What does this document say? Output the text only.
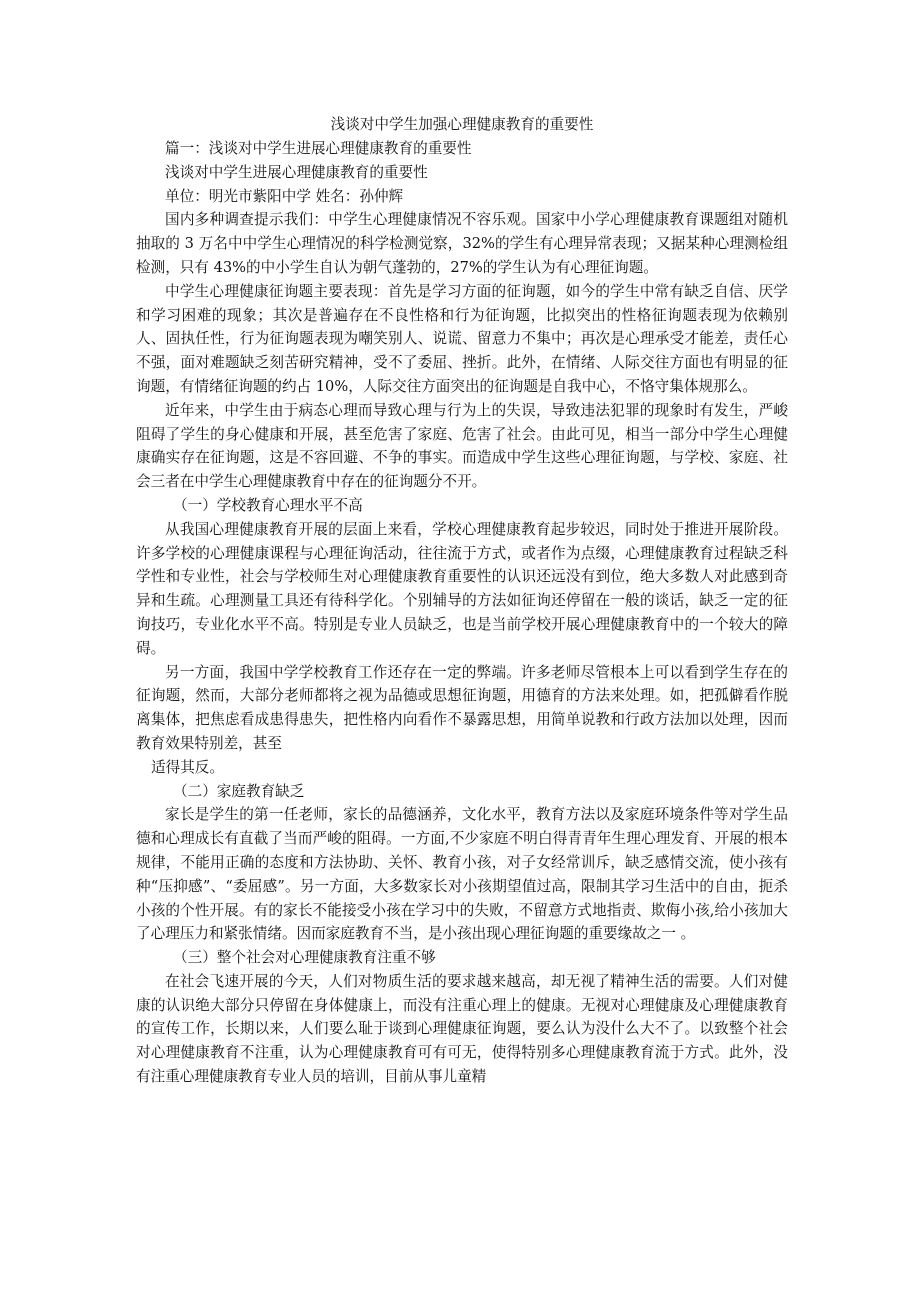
浅谈对中学生加强心理健康教育的重要性

篇一：浅谈对中学生进展心理健康教育的重要性

浅谈对中学生进展心理健康教育的重要性

单位：明光市紫阳中学 姓名：孙仲辉

国内多种调查提示我们：中学生心理健康情况不容乐观。国家中小学心理健康教育课题组对随机抽取的 3 万名中中学生心理情况的科学检测觉察，32%的学生有心理异常表现；又据某种心理测检组检测，只有 43%的中小学生自认为朝气蓬勃的，27%的学生认为有心理征询题。

中学生心理健康征询题主要表现：首先是学习方面的征询题，如今的学生中常有缺乏自信、厌学和学习困难的现象；其次是普遍存在不良性格和行为征询题，比拟突出的性格征询题表现为依赖别人、固执任性，行为征询题表现为嘲笑别人、说谎、留意力不集中；再次是心理承受才能差，责任心不强，面对难题缺乏刻苦研究精神，受不了委屈、挫折。此外，在情绪、人际交往方面也有明显的征询题，有情绪征询题的约占 10%，人际交往方面突出的征询题是自我中心，不恪守集体规那么。

近年来，中学生由于病态心理而导致心理与行为上的失误，导致违法犯罪的现象时有发生，严峻阻碍了学生的身心健康和开展，甚至危害了家庭、危害了社会。由此可见，相当一部分中学生心理健康确实存在征询题，这是不容回避、不争的事实。而造成中学生这些心理征询题，与学校、家庭、社会三者在中学生心理健康教育中存在的征询题分不开。

（一）学校教育心理水平不高

从我国心理健康教育开展的层面上来看，学校心理健康教育起步较迟，同时处于推进开展阶段。许多学校的心理健康课程与心理征询活动，往往流于方式，或者作为点缀，心理健康教育过程缺乏科学性和专业性，社会与学校师生对心理健康教育重要性的认识还远没有到位，绝大多数人对此感到奇异和生疏。心理测量工具还有待科学化。个别辅导的方法如征询还停留在一般的谈话，缺乏一定的征询技巧，专业化水平不高。特别是专业人员缺乏，也是当前学校开展心理健康教育中的一个较大的障碍。

另一方面，我国中学学校教育工作还存在一定的弊端。许多老师尽管根本上可以看到学生存在的征询题，然而，大部分老师都将之视为品德或思想征询题，用德育的方法来处理。如，把孤僻看作脱离集体，把焦虑看成患得患失，把性格内向看作不暴露思想，用简单说教和行政方法加以处理，因而教育效果特别差，甚至

适得其反。

（二）家庭教育缺乏

家长是学生的第一任老师，家长的品德涵养，文化水平，教育方法以及家庭环境条件等对学生品德和心理成长有直截了当而严峻的阻碍。一方面,不少家庭不明白得青青年生理心理发育、开展的根本规律，不能用正确的态度和方法协助、关怀、教育小孩，对子女经常训斥，缺乏感情交流，使小孩有种“压抑感”、“委屈感”。另一方面，大多数家长对小孩期望值过高，限制其学习生活中的自由，扼杀小孩的个性开展。有的家长不能接受小孩在学习中的失败，不留意方式地指责、欺侮小孩,给小孩加大了心理压力和紧张情绪。因而家庭教育不当，是小孩出现心理征询题的重要缘故之一 。

（三）整个社会对心理健康教育注重不够

在社会飞速开展的今天，人们对物质生活的要求越来越高，却无视了精神生活的需要。人们对健康的认识绝大部分只停留在身体健康上，而没有注重心理上的健康。无视对心理健康及心理健康教育的宣传工作，长期以来，人们要么耻于谈到心理健康征询题，要么认为没什么大不了。以致整个社会对心理健康教育不注重，认为心理健康教育可有可无，使得特别多心理健康教育流于方式。此外，没有注重心理健康教育专业人员的培训，目前从事儿童精
